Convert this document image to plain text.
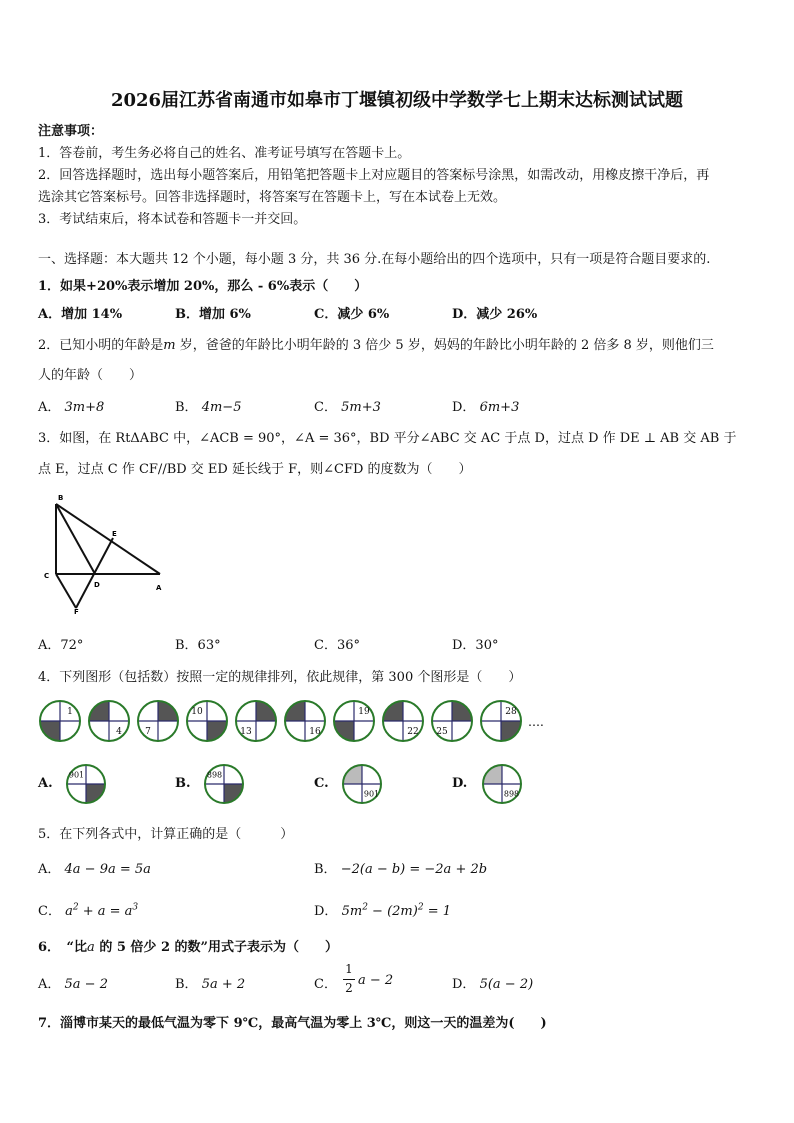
2026届江苏省南通市如皋市丁堰镇初级中学数学七上期末达标测试试题
注意事项：
1．答卷前，考生务必将自己的姓名、准考证号填写在答题卡上。
2．回答选择题时，选出每小题答案后，用铅笔把答题卡上对应题目的答案标号涂黑，如需改动，用橡皮擦干净后，再
选涂其它答案标号。回答非选择题时，将答案写在答题卡上，写在本试卷上无效。
3．考试结束后，将本试卷和答题卡一并交回。
一、选择题：本大题共 12 个小题，每小题 3 分，共 36 分.在每小题给出的四个选项中，只有一项是符合题目要求的.
1．如果+20%表示增加 20%，那么 - 6%表示（　　）
A．增加 14%	B．增加 6%	C．减少 6%	D．减少 26%
2．已知小明的年龄是m 岁，爸爸的年龄比小明年龄的 3 倍少 5 岁，妈妈的年龄比小明年龄的 2 倍多 8 岁，则他们三
人的年龄（　　）
A． 3m+8	B． 4m−5	C． 5m+3	D． 6m+3
3．如图，在 RtΔABC 中，∠ACB = 90°，∠A = 36°，BD 平分∠ABC 交 AC 于点 D，过点 D 作 DE ⊥ AB 交 AB 于
点 E，过点 C 作 CF//BD 交 ED 延长线于 F，则∠CFD 的度数为（　　）
B
E
C
D	A
F
A．72°	B．63°	C．36°	D．30°
4．下列图形（包括数）按照一定的规律排列，依此规律，第 300 个图形是（　　）
1
4	7
10
13	16
19
22 25
28
….
A.	B.	C.	D.
901	898
901	898
5．在下列各式中，计算正确的是（　　　）
A． 4a − 9a = 5a	B． −2(a − b) = −2a + 2b
C． $a^2 + a = a^3$	D． $5m^2 - (2m)^2 = 1$
6．　“比a 的 5 倍少 2 的数”用式子表示为（　　）
A． 5a − 2	B． 5a + 2	C．
1
2 a − 2	D． 5(a − 2)
7．淄博市某天的最低气温为零下 9℃，最高气温为零上 3℃，则这一天的温差为(　　)
